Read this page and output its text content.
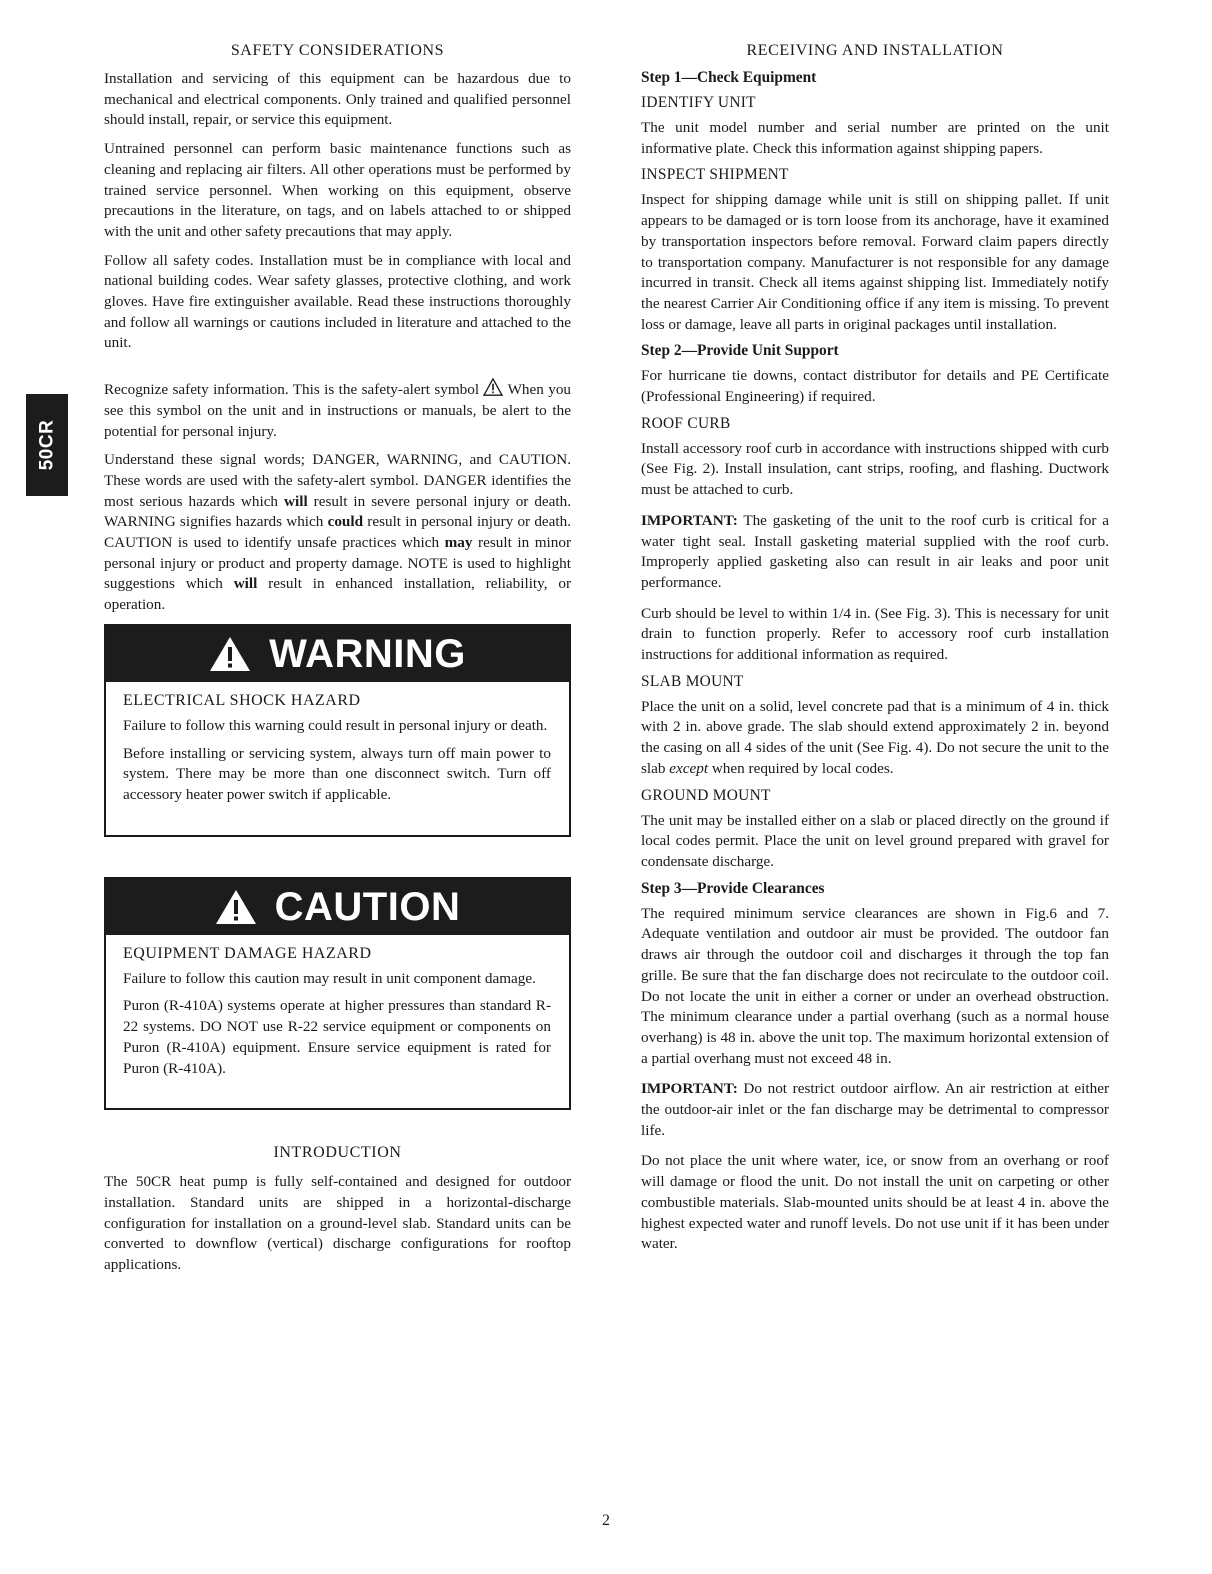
50CR
SAFETY CONSIDERATIONS

Installation and servicing of this equipment can be hazardous due to mechanical and electrical components. Only trained and qualified personnel should install, repair, or service this equipment.

Untrained personnel can perform basic maintenance functions such as cleaning and replacing air filters. All other operations must be performed by trained service personnel. When working on this equipment, observe precautions in the literature, on tags, and on labels attached to or shipped with the unit and other safety precautions that may apply.

Follow all safety codes. Installation must be in compliance with local and national building codes. Wear safety glasses, protective clothing, and work gloves. Have fire extinguisher available. Read these instructions thoroughly and follow all warnings or cautions included in literature and attached to the unit.

Recognize safety information. This is the safety-alert symbol When you see this symbol on the unit and in instructions or manuals, be alert to the potential for personal injury.

Understand these signal words; DANGER, WARNING, and CAUTION. These words are used with the safety-alert symbol. DANGER identifies the most serious hazards which will result in severe personal injury or death. WARNING signifies hazards which could result in personal injury or death. CAUTION is used to identify unsafe practices which may result in minor personal injury or product and property damage. NOTE is used to highlight suggestions which will result in enhanced installation, reliability, or operation.

WARNING
ELECTRICAL SHOCK HAZARD

Failure to follow this warning could result in personal injury or death.

Before installing or servicing system, always turn off main power to system. There may be more than one disconnect switch. Turn off accessory heater power switch if applicable.

CAUTION
EQUIPMENT DAMAGE HAZARD

Failure to follow this caution may result in unit component damage.

Puron (R-410A) systems operate at higher pressures than standard R-22 systems. DO NOT use R-22 service equipment or components on Puron (R-410A) equipment. Ensure service equipment is rated for Puron (R-410A).

INTRODUCTION

The 50CR heat pump is fully self-contained and designed for outdoor installation. Standard units are shipped in a horizontal-discharge configuration for installation on a ground-level slab. Standard units can be converted to downflow (vertical) discharge configurations for rooftop applications.

RECEIVING AND INSTALLATION
Step 1—Check Equipment
IDENTIFY UNIT

The unit model number and serial number are printed on the unit informative plate. Check this information against shipping papers.

INSPECT SHIPMENT

Inspect for shipping damage while unit is still on shipping pallet. If unit appears to be damaged or is torn loose from its anchorage, have it examined by transportation inspectors before removal. Forward claim papers directly to transportation company. Manufacturer is not responsible for any damage incurred in transit. Check all items against shipping list. Immediately notify the nearest Carrier Air Conditioning office if any item is missing. To prevent loss or damage, leave all parts in original packages until installation.

Step 2—Provide Unit Support

For hurricane tie downs, contact distributor for details and PE Certificate (Professional Engineering) if required.

ROOF CURB

Install accessory roof curb in accordance with instructions shipped with curb (See Fig. 2). Install insulation, cant strips, roofing, and flashing. Ductwork must be attached to curb.

IMPORTANT: The gasketing of the unit to the roof curb is critical for a water tight seal. Install gasketing material supplied with the roof curb. Improperly applied gasketing also can result in air leaks and poor unit performance.

Curb should be level to within 1/4 in. (See Fig. 3). This is necessary for unit drain to function properly. Refer to accessory roof curb installation instructions for additional information as required.

SLAB MOUNT

Place the unit on a solid, level concrete pad that is a minimum of 4 in. thick with 2 in. above grade. The slab should extend approximately 2 in. beyond the casing on all 4 sides of the unit (See Fig. 4). Do not secure the unit to the slab except when required by local codes.

GROUND MOUNT

The unit may be installed either on a slab or placed directly on the ground if local codes permit. Place the unit on level ground prepared with gravel for condensate discharge.

Step 3—Provide Clearances

The required minimum service clearances are shown in Fig.6 and 7. Adequate ventilation and outdoor air must be provided. The outdoor fan draws air through the outdoor coil and discharges it through the top fan grille. Be sure that the fan discharge does not recirculate to the outdoor coil. Do not locate the unit in either a corner or under an overhead obstruction. The minimum clearance under a partial overhang (such as a normal house overhang) is 48 in. above the unit top. The maximum horizontal extension of a partial overhang must not exceed 48 in.

IMPORTANT: Do not restrict outdoor airflow. An air restriction at either the outdoor-air inlet or the fan discharge may be detrimental to compressor life.

Do not place the unit where water, ice, or snow from an overhang or roof will damage or flood the unit. Do not install the unit on carpeting or other combustible materials. Slab-mounted units should be at least 4 in. above the highest expected water and runoff levels. Do not use unit if it has been under water.

2
